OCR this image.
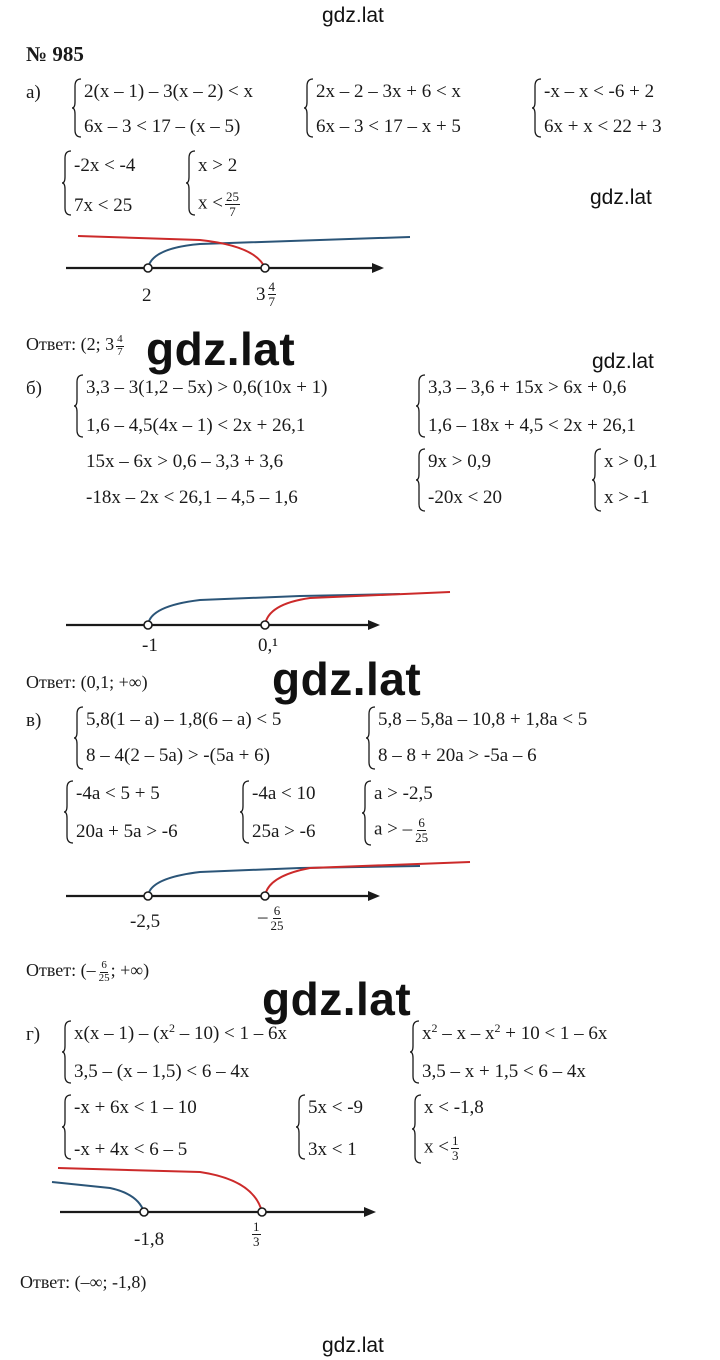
gdz.lat
gdz.lat
gdz.lat	gdz.lat
gdz.lat
gdz.lat
gdz.lat
№ 985
а) 2(x – 1) – 3(x – 2) < x
6x – 3 < 17 – (x – 5)
2x – 2 – 3x + 6 < x
6x – 3 < 17 – x + 5
-x – x < -6 + 2
6x + x < 22 + 3
-2x < -4
7x < 25
x > 2
$x < \frac{25}{7}$
2	$3 \frac{4}{7}$
Ответ: (2; $3 \frac{4}{7}$
б) 3,3 – 3(1,2 – 5x) > 0,6(10x + 1)
1,6 – 4,5(4x – 1) < 2x + 26,1
3,3 – 3,6 + 15x > 6x + 0,6
1,6 – 18x + 4,5 < 2x + 26,1
15x – 6x > 0,6 – 3,3 + 3,6
-18x – 2x < 26,1 – 4,5 – 1,6
9x > 0,9
-20x < 20
x > 0,1
x > -1
-1	0,¹
Ответ: (0,1; +∞)
в) 5,8(1 – a) – 1,8(6 – a) < 5
8 – 4(2 – 5a) > -(5a + 6)
5,8 – 5,8a – 10,8 + 1,8a < 5
8 – 8 + 20a > -5a – 6
-4a < 5 + 5
20a + 5a > -6
-4a < 10
25a > -6
a > -2,5
a > – $\frac{6}{25}$
-2,5	– $\frac{6}{25}$
Ответ: (– $\frac{6}{25}$ ; +∞)
г) $x(x - 1) - (x^2 - 10) < 1 - 6x$
3,5 – (x – 1,5) < 6 – 4x
$x^2 - x - x^2 + 10 < 1 - 6x$
3,5 – x + 1,5 < 6 – 4x
-x + 6x < 1 – 10
-x + 4x < 6 – 5
5x < -9
3x < 1
x < -1,8
$x < \frac{1}{3}$
-1,8	$\frac{1}{3}$
Ответ: (–∞; -1,8)
